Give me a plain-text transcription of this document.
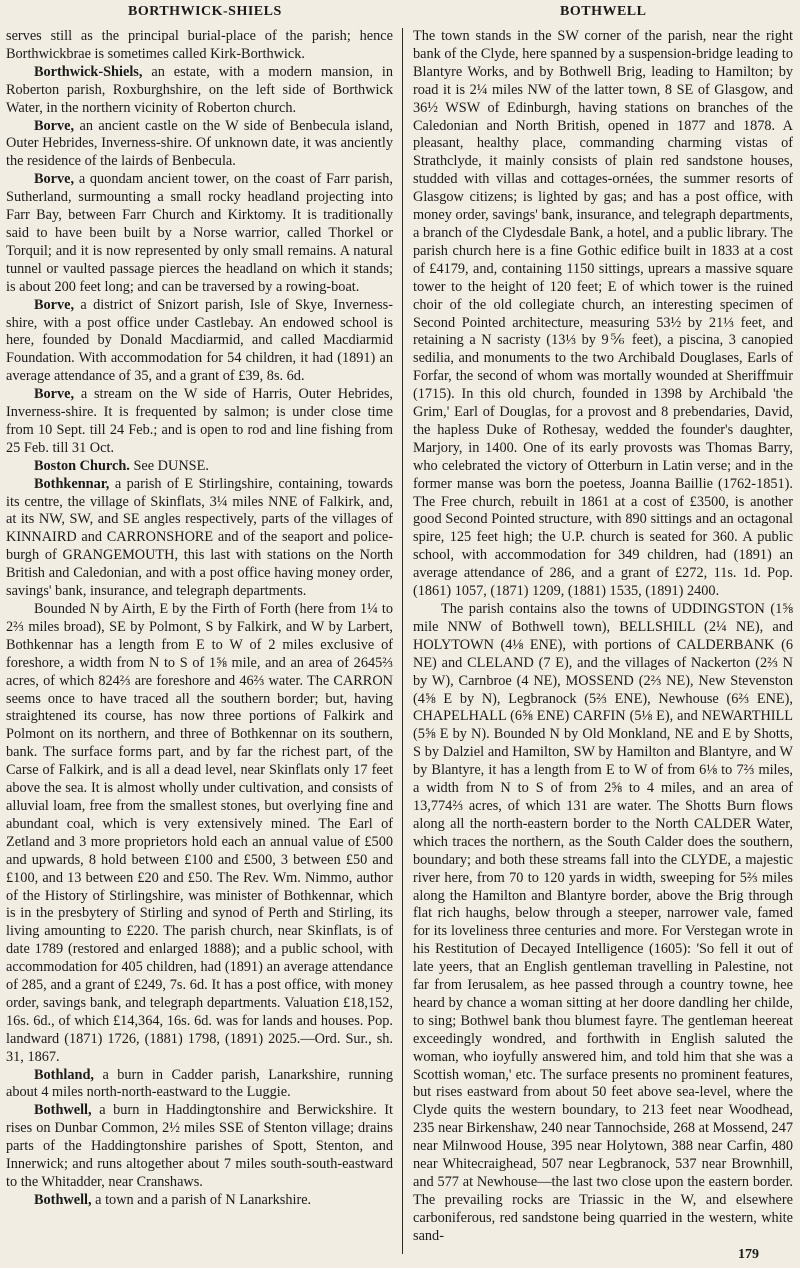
BORTHWICK-SHIELS	BOTHWELL

serves still as the principal burial-place of the parish; hence Borthwickbrae is sometimes called Kirk-Borthwick.

Borthwick-Shiels, an estate, with a modern mansion, in Roberton parish, Roxburghshire, on the left side of Borthwick Water, in the northern vicinity of Roberton church.

Borve, an ancient castle on the W side of Benbecula island, Outer Hebrides, Inverness-shire. Of unknown date, it was anciently the residence of the lairds of Benbecula.

Borve, a quondam ancient tower, on the coast of Farr parish, Sutherland, surmounting a small rocky headland projecting into Farr Bay, between Farr Church and Kirktomy. It is traditionally said to have been built by a Norse warrior, called Thorkel or Torquil; and it is now represented by only small remains. A natural tunnel or vaulted passage pierces the headland on which it stands; is about 200 feet long; and can be traversed by a rowing-boat.

Borve, a district of Snizort parish, Isle of Skye, Inverness-shire, with a post office under Castlebay. An endowed school is here, founded by Donald Macdiarmid, and called Macdiarmid Foundation. With accommodation for 54 children, it had (1891) an average attendance of 35, and a grant of £39, 8s. 6d.

Borve, a stream on the W side of Harris, Outer Hebrides, Inverness-shire. It is frequented by salmon; is under close time from 10 Sept. till 24 Feb.; and is open to rod and line fishing from 25 Feb. till 31 Oct.

Boston Church. See DUNSE.

Bothkennar, a parish of E Stirlingshire, containing, towards its centre, the village of Skinflats, 3¼ miles NNE of Falkirk, and, at its NW, SW, and SE angles respectively, parts of the villages of KINNAIRD and CARRONSHORE and of the seaport and police-burgh of GRANGEMOUTH, this last with stations on the North British and Caledonian, and with a post office having money order, savings' bank, insurance, and telegraph departments.

Bounded N by Airth, E by the Firth of Forth (here from 1¼ to 2⅔ miles broad), SE by Polmont, S by Falkirk, and W by Larbert, Bothkennar has a length from E to W of 2 miles exclusive of foreshore, a width from N to S of 1⅝ mile, and an area of 2645⅔ acres, of which 824⅔ are foreshore and 46⅔ water. The CARRON seems once to have traced all the southern border; but, having straightened its course, has now three portions of Falkirk and Polmont on its northern, and three of Bothkennar on its southern, bank. The surface forms part, and by far the richest part, of the Carse of Falkirk, and is all a dead level, near Skinflats only 17 feet above the sea. It is almost wholly under cultivation, and consists of alluvial loam, free from the smallest stones, but overlying fine and abundant coal, which is very extensively mined. The Earl of Zetland and 3 more proprietors hold each an annual value of £500 and upwards, 8 hold between £100 and £500, 3 between £50 and £100, and 13 between £20 and £50. The Rev. Wm. Nimmo, author of the History of Stirlingshire, was minister of Bothkennar, which is in the presbytery of Stirling and synod of Perth and Stirling, its living amounting to £220. The parish church, near Skinflats, is of date 1789 (restored and enlarged 1888); and a public school, with accommodation for 405 children, had (1891) an average attendance of 285, and a grant of £249, 7s. 6d. It has a post office, with money order, savings bank, and telegraph departments. Valuation £18,152, 16s. 6d., of which £14,364, 16s. 6d. was for lands and houses. Pop. landward (1871) 1726, (1881) 1798, (1891) 2025.—Ord. Sur., sh. 31, 1867.

Bothland, a burn in Cadder parish, Lanarkshire, running about 4 miles north-north-eastward to the Luggie.

Bothwell, a burn in Haddingtonshire and Berwickshire. It rises on Dunbar Common, 2½ miles SSE of Stenton village; drains parts of the Haddingtonshire parishes of Spott, Stenton, and Innerwick; and runs altogether about 7 miles south-south-eastward to the Whitadder, near Cranshaws.

Bothwell, a town and a parish of N Lanarkshire.

The town stands in the SW corner of the parish, near the right bank of the Clyde, here spanned by a suspension-bridge leading to Blantyre Works, and by Bothwell Brig, leading to Hamilton; by road it is 2¼ miles NW of the latter town, 8 SE of Glasgow, and 36½ WSW of Edinburgh, having stations on branches of the Caledonian and North British, opened in 1877 and 1878. A pleasant, healthy place, commanding charming vistas of Strathclyde, it mainly consists of plain red sandstone houses, studded with villas and cottages-ornées, the summer resorts of Glasgow citizens; is lighted by gas; and has a post office, with money order, savings' bank, insurance, and telegraph departments, a branch of the Clydesdale Bank, a hotel, and a public library. The parish church here is a fine Gothic edifice built in 1833 at a cost of £4179, and, containing 1150 sittings, uprears a massive square tower to the height of 120 feet; E of which tower is the ruined choir of the old collegiate church, an interesting specimen of Second Pointed architecture, measuring 53½ by 21⅓ feet, and retaining a N sacristy (13⅓ by 9⅚ feet), a piscina, 3 canopied sedilia, and monuments to the two Archibald Douglases, Earls of Forfar, the second of whom was mortally wounded at Sheriffmuir (1715). In this old church, founded in 1398 by Archibald 'the Grim,' Earl of Douglas, for a provost and 8 prebendaries, David, the hapless Duke of Rothesay, wedded the founder's daughter, Marjory, in 1400. One of its early provosts was Thomas Barry, who celebrated the victory of Otterburn in Latin verse; and in the former manse was born the poetess, Joanna Baillie (1762-1851). The Free church, rebuilt in 1861 at a cost of £3500, is another good Second Pointed structure, with 890 sittings and an octagonal spire, 125 feet high; the U.P. church is seated for 360. A public school, with accommodation for 349 children, had (1891) an average attendance of 286, and a grant of £272, 11s. 1d. Pop. (1861) 1057, (1871) 1209, (1881) 1535, (1891) 2400.

The parish contains also the towns of UDDINGSTON (1⅝ mile NNW of Bothwell town), BELLSHILL (2¼ NE), and HOLYTOWN (4⅛ ENE), with portions of CALDERBANK (6 NE) and CLELAND (7 E), and the villages of Nackerton (2⅔ N by W), Carnbroe (4 NE), MOSSEND (2⅔ NE), New Stevenston (4⅝ E by N), Legbranock (5⅔ ENE), Newhouse (6⅔ ENE), CHAPELHALL (6⅝ ENE) CARFIN (5⅛ E), and NEWARTHILL (5⅝ E by N). Bounded N by Old Monkland, NE and E by Shotts, S by Dalziel and Hamilton, SW by Hamilton and Blantyre, and W by Blantyre, it has a length from E to W of from 6⅛ to 7⅔ miles, a width from N to S of from 2⅝ to 4 miles, and an area of 13,774⅔ acres, of which 131 are water. The Shotts Burn flows along all the north-eastern border to the North CALDER Water, which traces the northern, as the South Calder does the southern, boundary; and both these streams fall into the CLYDE, a majestic river here, from 70 to 120 yards in width, sweeping for 5⅔ miles along the Hamilton and Blantyre border, above the Brig through flat rich haughs, below through a steeper, narrower vale, famed for its loveliness three centuries and more. For Verstegan wrote in his Restitution of Decayed Intelligence (1605): 'So fell it out of late yeers, that an English gentleman travelling in Palestine, not far from Ierusalem, as hee passed through a country towne, hee heard by chance a woman sitting at her doore dandling her childe, to sing; Bothwel bank thou blumest fayre. The gentleman heereat exceedingly wondred, and forthwith in English saluted the woman, who ioyfully answered him, and told him that she was a Scottish woman,' etc. The surface presents no prominent features, but rises eastward from about 50 feet above sea-level, where the Clyde quits the western boundary, to 213 feet near Woodhead, 235 near Birkenshaw, 240 near Tannochside, 268 at Mossend, 247 near Milnwood House, 395 near Holytown, 388 near Carfin, 480 near Whitecraighead, 507 near Legbranock, 537 near Brownhill, and 577 at Newhouse—the last two close upon the eastern border. The prevailing rocks are Triassic in the W, and elsewhere carboniferous, red sandstone being quarried in the western, white sand-

179
